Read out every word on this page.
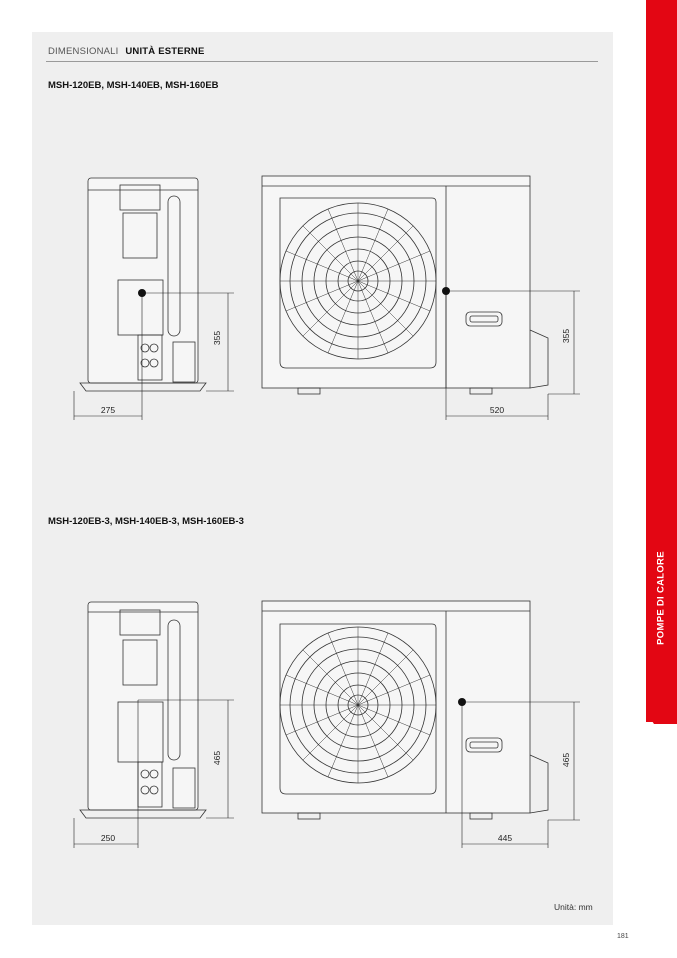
DIMENSIONALI UNITÀ ESTERNE
MSH-120EB, MSH-140EB, MSH-160EB
MSH-120EB-3, MSH-140EB-3, MSH-160EB-3
355
275
355
520
465
250
465
445
Unità: mm
181
POMPE DI CALORE
